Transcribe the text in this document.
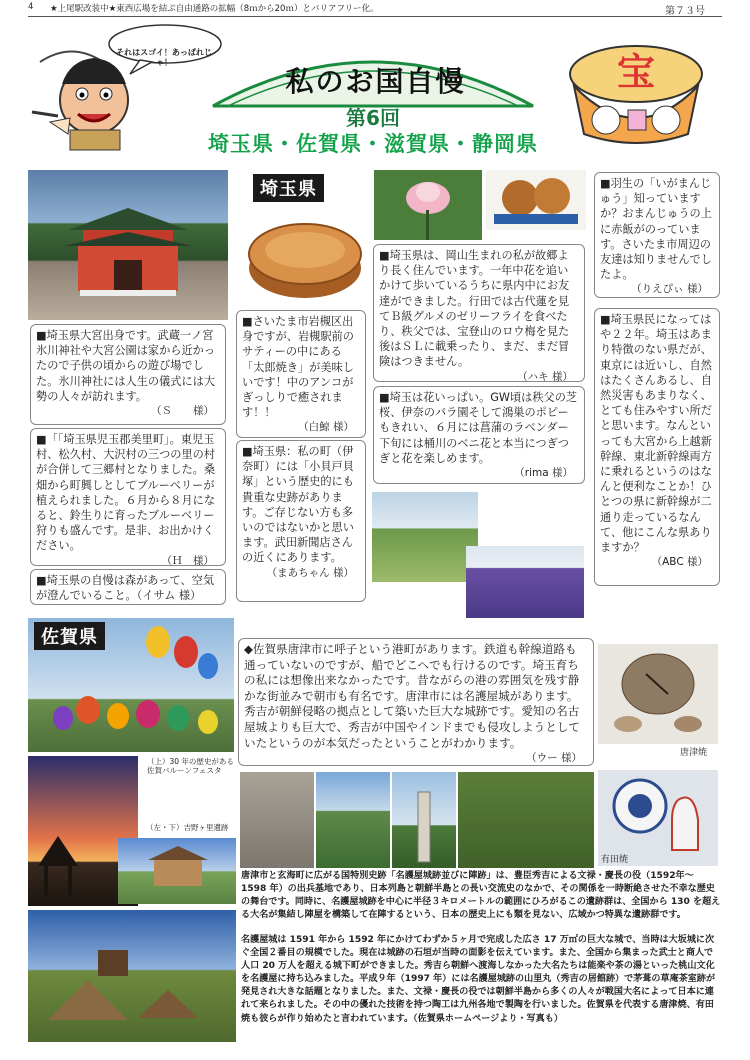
4 ★上尾駅改装中★東西広場を結ぶ自由通路の拡幅（8ｍから20ｍ）とバリアフリー化。	第７３号
それはスゴイ！あっぱれじゃ！
私のお国自慢
第6回
埼玉県・佐賀県・滋賀県・静岡県
宝
埼玉県
■埼玉県大宮出身です。武蔵一ノ宮氷川神社や大宮公園は家から近かったので子供の頃からの遊び場でした。氷川神社には人生の儀式には大勢の人々が訪れます。
（Ｓ　　様）
■「「埼玉県児玉郡美里町」。東児玉村、松久村、大沢村の三つの里の村が合併して三郷村となりました。桑畑から町興しとしてブルーベリーが植えられました。６月から８月になると、鈴生りに育ったブルーベリー狩りも盛んです。是非、お出かけください。
（Ｈ　様）
■埼玉県の自慢は森があって、空気が澄んでいること。（イサム 様）
■さいたま市岩槻区出身ですが、岩槻駅前のサティーの中にある「太郎焼き」が美味しいです！中のアンコがぎっしりで癒されます！！
（白鯨 様）
■埼玉県：私の町（伊奈町）には「小貝戸貝塚」という歴史的にも貴重な史跡があります。ご存じない方も多いのではないかと思います。武田新聞店さんの近くにあります。
（まあちゃん 様）
■埼玉県は、岡山生まれの私が故郷より長く住んでいます。一年中花を追いかけて歩いているうちに県内中にお友達ができました。行田では古代蓮を見てＢ級グルメのゼリーフライを食べたり、秩父では、宝登山のロウ梅を見た後はＳＬに載乗ったり、まだ、まだ冒険はつきません。
（ハキ 様）
■埼玉は花いっぱい。GW頃は秩父の芝桜、伊奈のバラ園そして鴻巣のポピーもきれい、６月には菖蒲のラベンダー下旬には桶川のベニ花と本当につぎつぎと花を楽しめます。
（rima 様）
■羽生の「いがまんじゅう」知っていますか？おまんじゅうの上に赤飯がのっています。さいたま市周辺の友達は知りませんでしたよ。
（りえぴぃ 様）
■埼玉県民になってはや２２年。埼玉はあまり特徴のない県だが、東京には近いし、自然はたくさんあるし、自然災害もあまりなく、とても住みやすい所だと思います。なんといっても大宮から上越新幹線、東北新幹線両方に乗れるというのはなんと便利なことか！ひとつの県に新幹線が二通り走っているなんて、他にこんな県ありますか？
（ABC 様）
佐賀県
（上）30 年の歴史がある佐賀バルーンフェスタ
（左・下）吉野ヶ里遺跡
◆佐賀県唐津市に呼子という港町があります。鉄道も幹線道路も通っていないのですが、船でどこへでも行けるのです。埼玉育ちの私には想像出来なかったです。昔ながらの港の雰囲気を残す静かな街並みで朝市も有名です。唐津市には名護屋城があります。秀吉が朝鮮侵略の拠点として築いた巨大な城跡です。愛知の名古屋城よりも巨大で、秀吉が中国やインドまでも侵攻しようとしていたというのが本気だったということがわかります。
（ウー 様）	唐津焼
有田焼
唐津市と玄海町に広がる国特別史跡「名護屋城跡並びに陣跡」は、豊臣秀吉による文禄・慶長の役（1592年～ 1598 年）の出兵基地であり、日本列島と朝鮮半島との長い交流史のなかで、その関係を一時断絶させた不幸な歴史の舞台です。同時に、名護屋城跡を中心に半径３キロメートルの範囲にひろがるこの遺跡群は、全国から 130 を超える大名が集結し陣屋を構築して在陣するという、日本の歴史上にも類を見ない、広域かつ特異な遺跡群です。
名護屋城は 1591 年から 1592 年にかけてわずか５ヶ月で完成した広さ 17 万㎡の巨大な城で、当時は大坂城に次ぐ全国２番目の規模でした。現在は城跡の石垣が当時の面影を伝えています。また、全国から集まった武士と商人で人口 20 万人を超える城下町ができました。秀吉ら朝鮮へ渡海しなかった大名たちは能楽や茶の湯といった桃山文化を名護屋に持ち込みました。平成９年（1997 年）には名護屋城跡の山里丸（秀吉の居館跡）で茅葺の草庵茶室跡が発見され大きな話題となりました。また、文禄・慶長の役では朝鮮半島から多くの人々が戦国大名によって日本に連れて来られました。その中の優れた技術を持つ陶工は九州各地で製陶を行いました。佐賀県を代表する唐津焼、有田焼も彼らが作り始めたと言われています。（佐賀県ホームページより・写真も）
